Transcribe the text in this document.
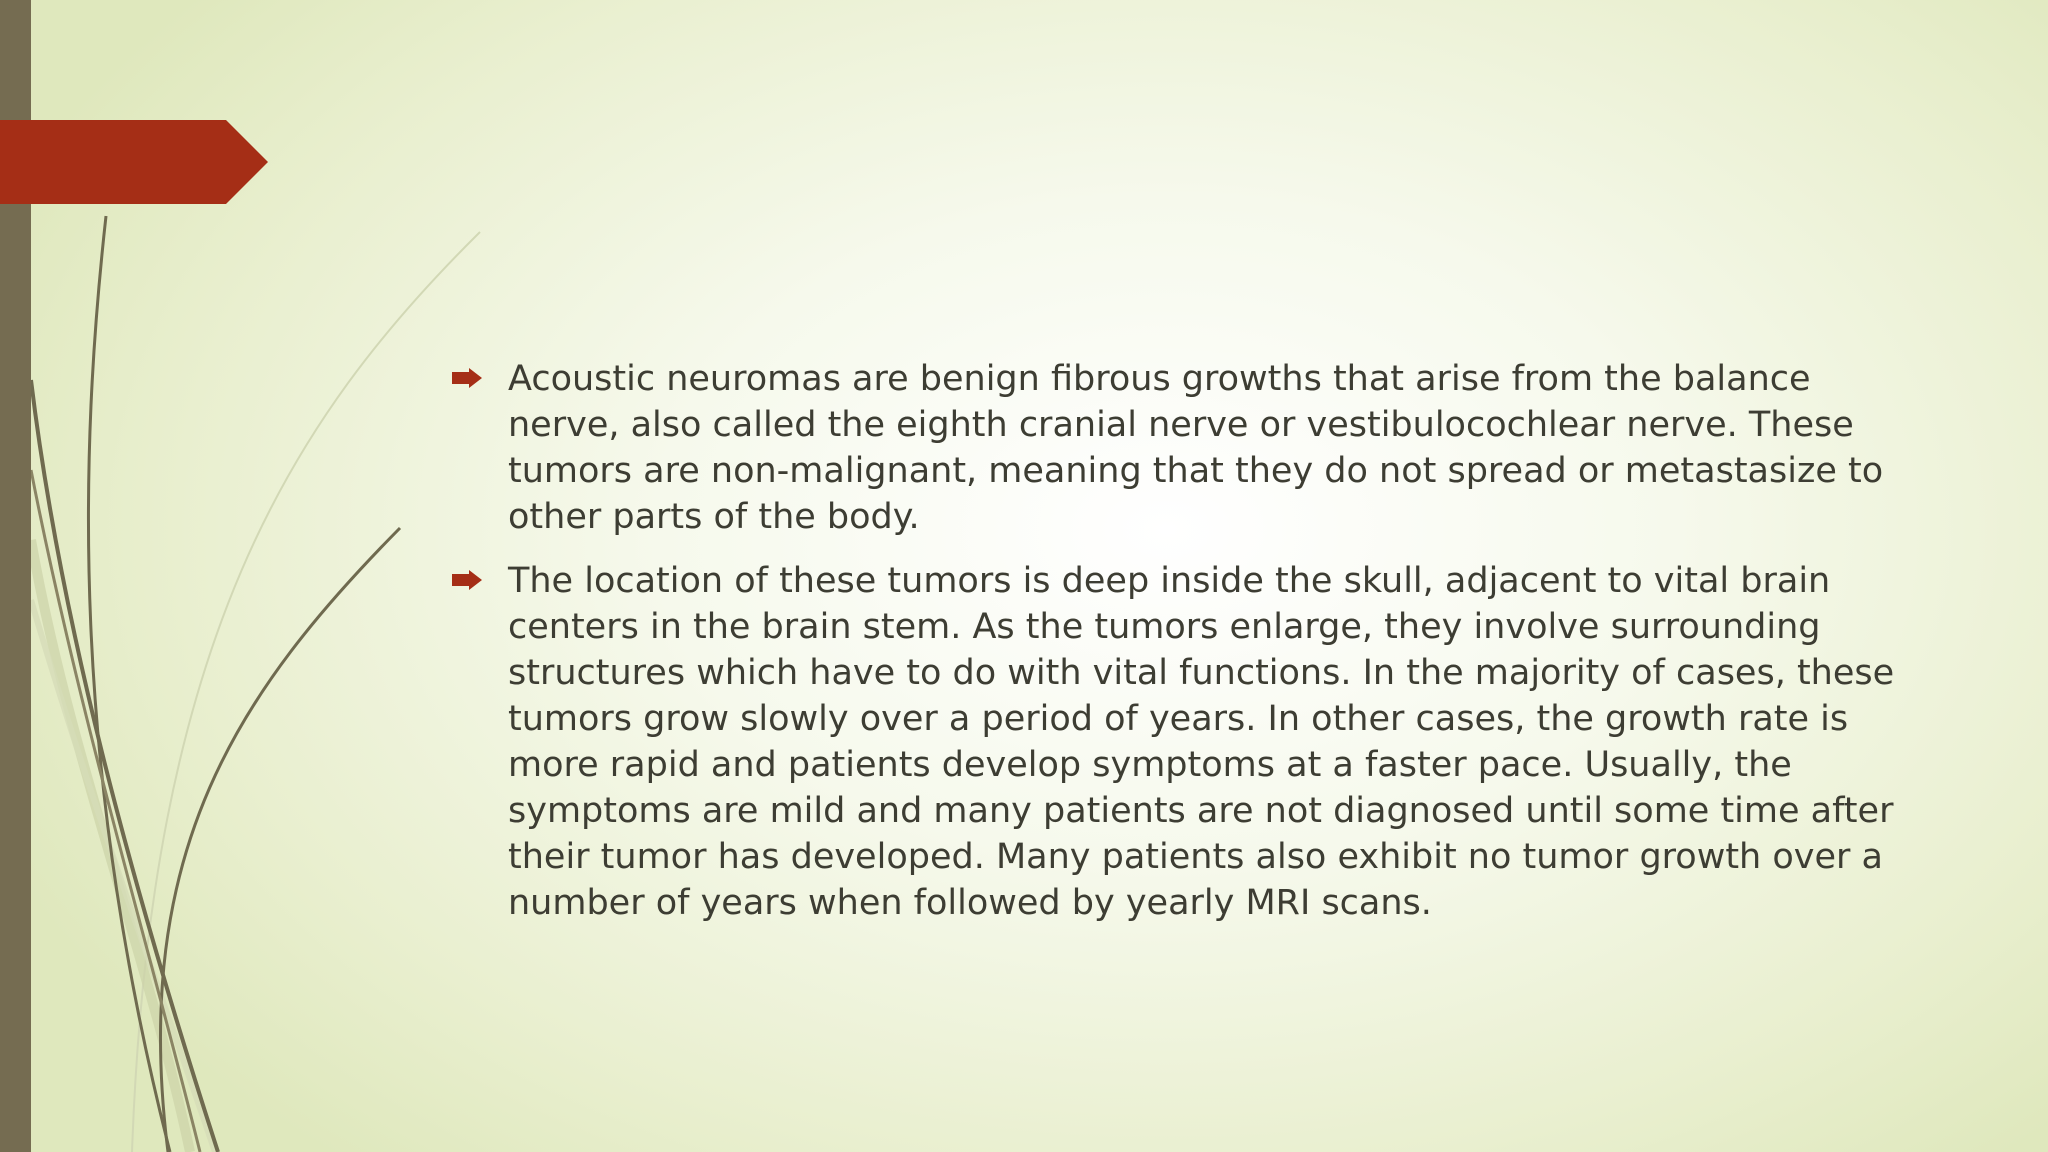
Acoustic neuromas are benign fibrous growths that arise from the balance nerve, also called the eighth cranial nerve or vestibulocochlear nerve. These tumors are non-malignant, meaning that they do not spread or metastasize to other parts of the body.
The location of these tumors is deep inside the skull, adjacent to vital brain centers in the brain stem. As the tumors enlarge, they involve surrounding structures which have to do with vital functions. In the majority of cases, these tumors grow slowly over a period of years. In other cases, the growth rate is more rapid and patients develop symptoms at a faster pace. Usually, the symptoms are mild and many patients are not diagnosed until some time after their tumor has developed. Many patients also exhibit no tumor growth over a number of years when followed by yearly MRI scans.
